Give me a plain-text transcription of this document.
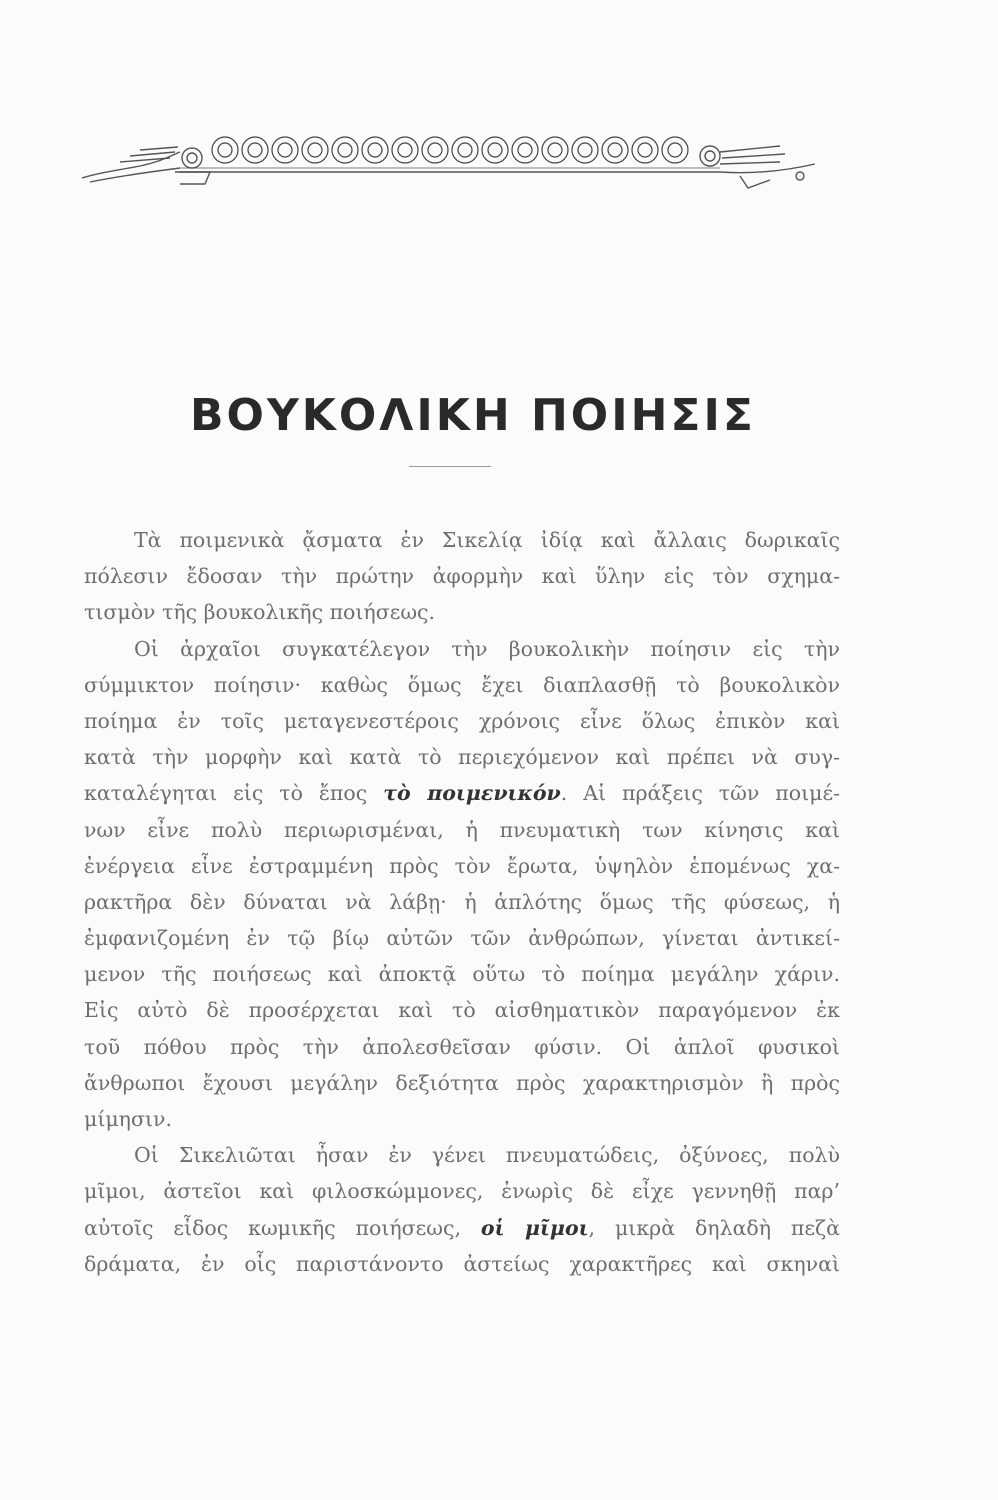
ΒΟΥΚΟΛΙΚΗ ΠΟΙΗΣΙΣ
Τὰ ποιμενικὰ ᾄσματα ἐν Σικελίᾳ ἰδίᾳ καὶ ἄλλαις δωρικαῖς
πόλεσιν ἔδοσαν τὴν πρώτην ἀφορμὴν καὶ ὕλην εἰς τὸν σχημα-
τισμὸν τῆς βουκολικῆς ποιήσεως.
Οἱ ἀρχαῖοι συγκατέλεγον τὴν βουκολικὴν ποίησιν εἰς τὴν
σύμμικτον ποίησιν· καθὼς ὅμως ἔχει διαπλασθῇ τὸ βουκολικὸν
ποίημα ἐν τοῖς μεταγενεστέροις χρόνοις εἶνε ὅλως ἐπικὸν καὶ
κατὰ τὴν μορφὴν καὶ κατὰ τὸ περιεχόμενον καὶ πρέπει νὰ συγ-
καταλέγηται εἰς τὸ ἔπος τὸ ποιμενικόν. Αἱ πράξεις τῶν ποιμέ-
νων εἶνε πολὺ περιωρισμέναι, ἡ πνευματικὴ των κίνησις καὶ
ἐνέργεια εἶνε ἐστραμμένη πρὸς τὸν ἔρωτα, ὑψηλὸν ἑπομένως χα-
ρακτῆρα δὲν δύναται νὰ λάβῃ· ἡ ἁπλότης ὅμως τῆς φύσεως, ἡ
ἐμφανιζομένη ἐν τῷ βίῳ αὐτῶν τῶν ἀνθρώπων, γίνεται ἀντικεί-
μενον τῆς ποιήσεως καὶ ἀποκτᾷ οὕτω τὸ ποίημα μεγάλην χάριν.
Εἰς αὐτὸ δὲ προσέρχεται καὶ τὸ αἰσθηματικὸν παραγόμενον ἐκ
τοῦ πόθου πρὸς τὴν ἀπολεσθεῖσαν φύσιν. Οἱ ἁπλοῖ φυσικοὶ
ἄνθρωποι ἔχουσι μεγάλην δεξιότητα πρὸς χαρακτηρισμὸν ἢ πρὸς
μίμησιν.
Οἱ Σικελιῶται ἦσαν ἐν γένει πνευματώδεις, ὀξύνοες, πολὺ
μῖμοι, ἀστεῖοι καὶ φιλοσκώμμονες, ἐνωρὶς δὲ εἶχε γεννηθῇ παρ’
αὐτοῖς εἶδος κωμικῆς ποιήσεως, οἱ μῖμοι, μικρὰ δηλαδὴ πεζὰ
δράματα, ἐν οἷς παριστάνοντο ἀστείως χαρακτῆρες καὶ σκηναὶ
